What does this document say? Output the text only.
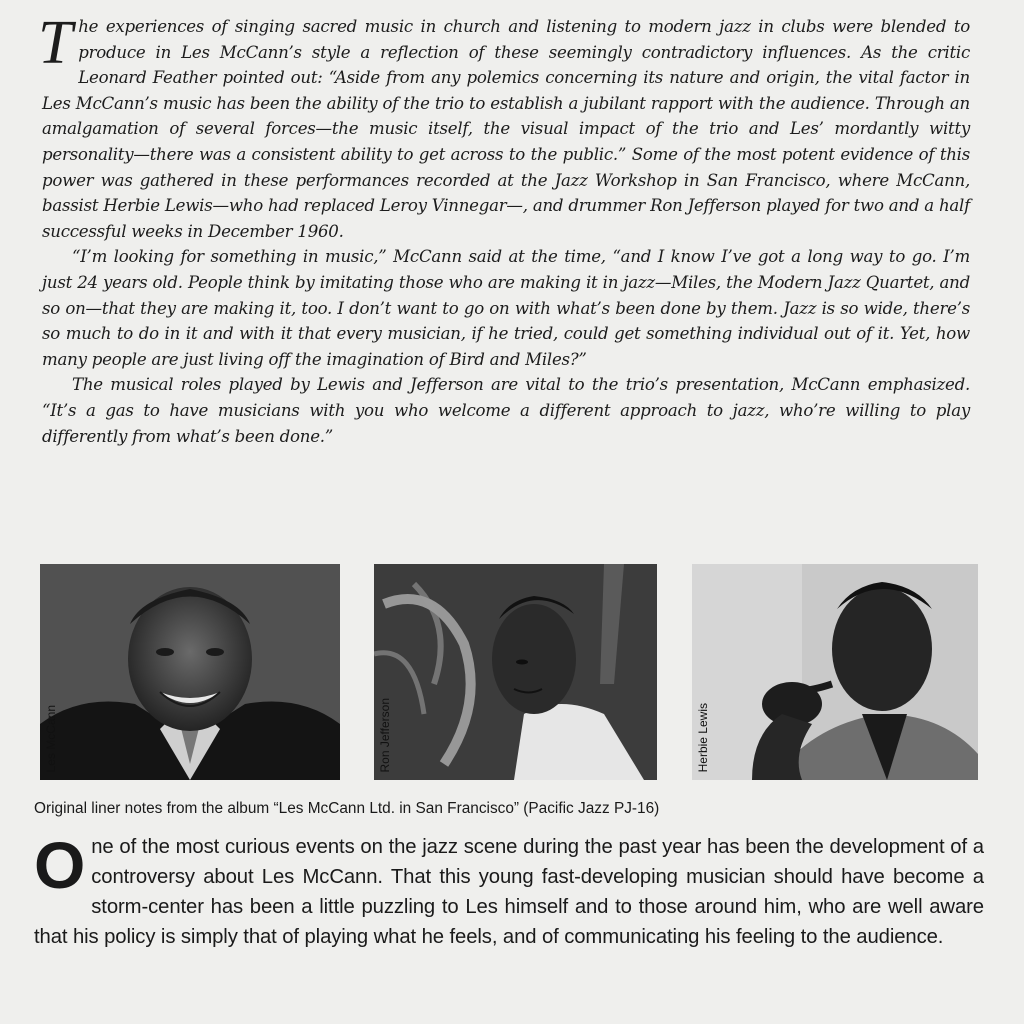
The experiences of singing sacred music in church and listening to modern jazz in clubs were blended to produce in Les McCann’s style a reflection of these seemingly contradictory influences. As the critic Leonard Feather pointed out: “Aside from any polemics concerning its nature and origin, the vital factor in Les McCann’s music has been the ability of the trio to establish a jubilant rapport with the audience. Through an amalgamation of several forces—the music itself, the visual impact of the trio and Les’ mordantly witty personality—there was a consistent ability to get across to the public.” Some of the most potent evidence of this power was gathered in these performances recorded at the Jazz Workshop in San Francisco, where McCann, bassist Herbie Lewis—who had replaced Leroy Vinnegar—, and drummer Ron Jefferson played for two and a half successful weeks in December 1960.

“I’m looking for something in music,” McCann said at the time, “and I know I’ve got a long way to go. I’m just 24 years old. People think by imitating those who are making it in jazz—Miles, the Modern Jazz Quartet, and so on—that they are making it, too. I don’t want to go on with what’s been done by them. Jazz is so wide, there’s so much to do in it and with it that every musician, if he tried, could get something individual out of it. Yet, how many people are just living off the imagination of Bird and Miles?”

The musical roles played by Lewis and Jefferson are vital to the trio’s presentation, McCann emphasized. “It’s a gas to have musicians with you who welcome a different approach to jazz, who’re willing to play differently from what’s been done.”

Les McCann	Ron Jefferson	Herbie Lewis
Original liner notes from the album “Les McCann Ltd. in San Francisco” (Pacific Jazz PJ-16)

One of the most curious events on the jazz scene during the past year has been the development of a controversy about Les McCann. That this young fast-developing musician should have become a storm-center has been a little puzzling to Les himself and to those around him, who are well aware that his policy is simply that of playing what he feels, and of communicating his feeling to the audience.
